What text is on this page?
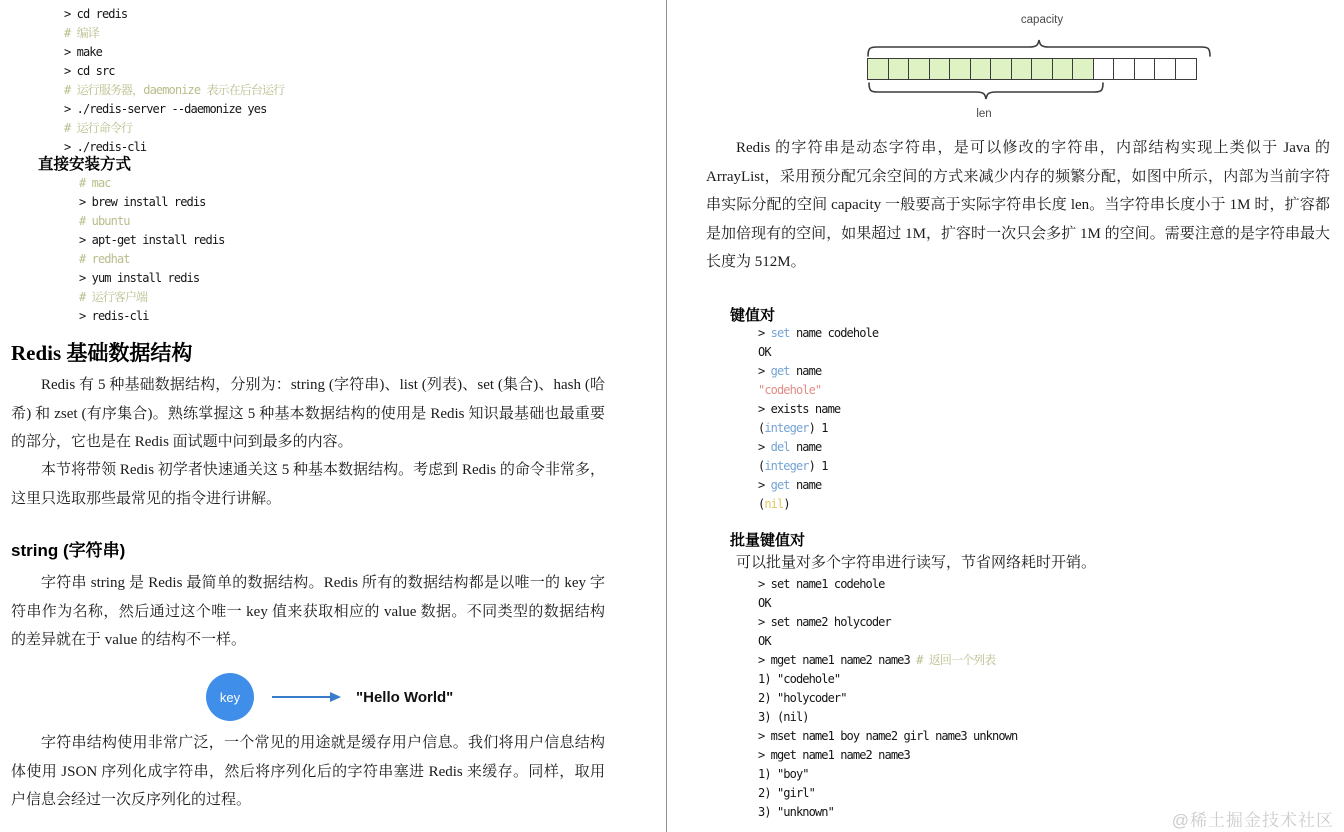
> cd redis
# 编译
> make
> cd src
# 运行服务器，daemonize 表示在后台运行
> ./redis-server --daemonize yes
# 运行命令行
> ./redis-cli
直接安装方式
# mac
> brew install redis
# ubuntu
> apt-get install redis
# redhat
> yum install redis
# 运行客户端
> redis-cli
Redis 基础数据结构
Redis 有 5 种基础数据结构，分别为：string (字符串)、list (列表)、set (集合)、hash (哈希) 和 zset (有序集合)。熟练掌握这 5 种基本数据结构的使用是 Redis 知识最基础也最重要的部分，它也是在 Redis 面试题中问到最多的内容。
本节将带领 Redis 初学者快速通关这 5 种基本数据结构。考虑到 Redis 的命令非常多，这里只选取那些最常见的指令进行讲解。
string (字符串)
字符串 string 是 Redis 最简单的数据结构。Redis 所有的数据结构都是以唯一的 key 字符串作为名称，然后通过这个唯一 key 值来获取相应的 value 数据。不同类型的数据结构的差异就在于 value 的结构不一样。
key	"Hello World"
字符串结构使用非常广泛，一个常见的用途就是缓存用户信息。我们将用户信息结构体使用 JSON 序列化成字符串，然后将序列化后的字符串塞进 Redis 来缓存。同样，取用户信息会经过一次反序列化的过程。
capacity
len
Redis 的字符串是动态字符串，是可以修改的字符串，内部结构实现上类似于 Java 的 ArrayList，采用预分配冗余空间的方式来减少内存的频繁分配，如图中所示，内部为当前字符串实际分配的空间 capacity 一般要高于实际字符串长度 len。当字符串长度小于 1M 时，扩容都是加倍现有的空间，如果超过 1M，扩容时一次只会多扩 1M 的空间。需要注意的是字符串最大长度为 512M。
键值对
> set name codehole
OK
> get name
"codehole"
> exists name
(integer) 1
> del name
(integer) 1
> get name
(nil)
批量键值对
可以批量对多个字符串进行读写，节省网络耗时开销。
> set name1 codehole
OK
> set name2 holycoder
OK
> mget name1 name2 name3 # 返回一个列表
1) "codehole"
2) "holycoder"
3) (nil)
> mset name1 boy name2 girl name3 unknown
> mget name1 name2 name3
1) "boy"
2) "girl"
3) "unknown"	@稀土掘金技术社区
